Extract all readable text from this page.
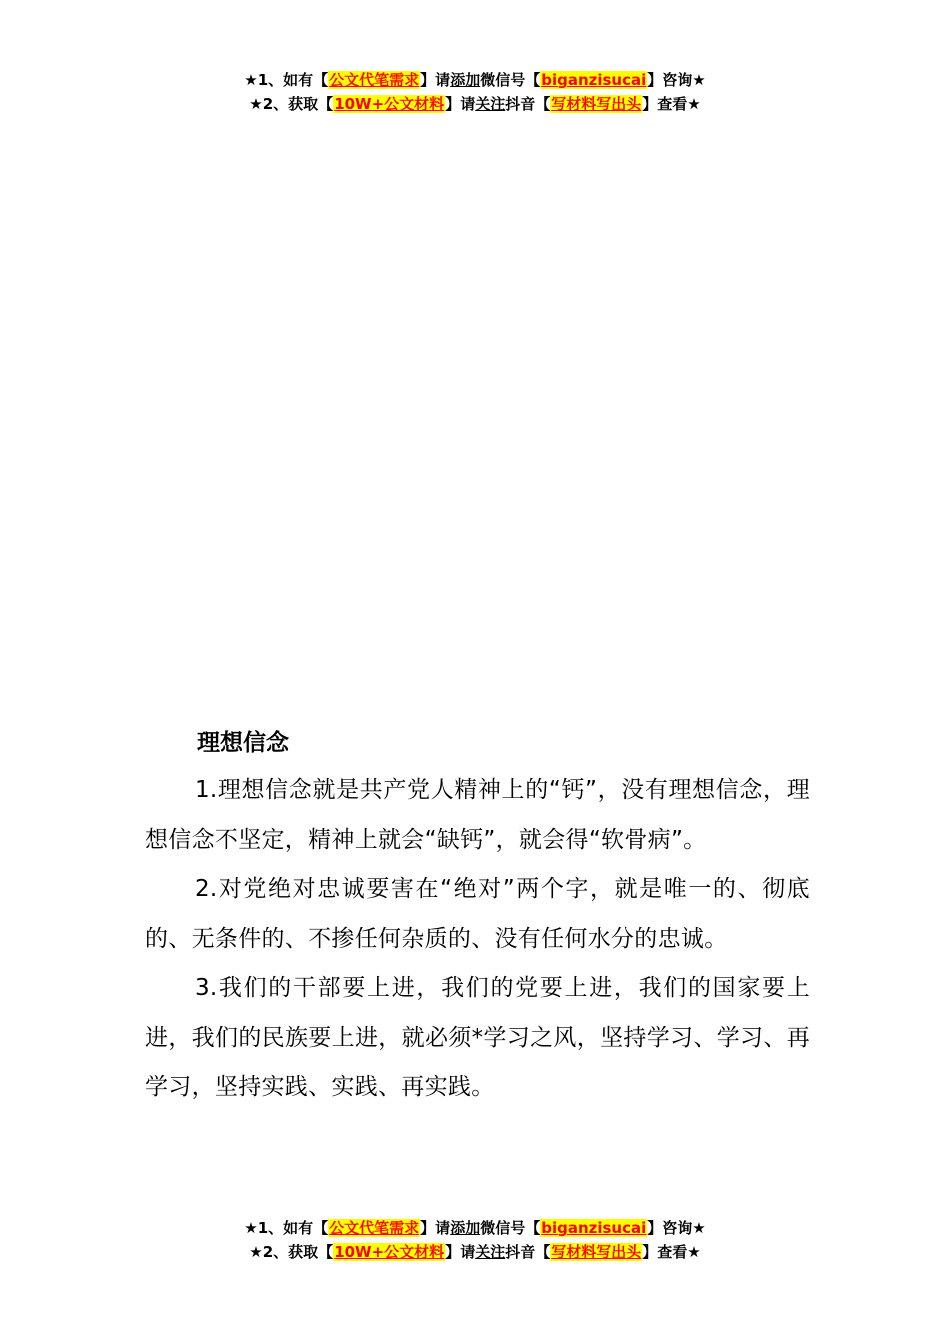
★1、如有【公文代笔需求】请添加微信号【biganzisucai】咨询★
★2、获取【10W+公文材料】请关注抖音【写材料写出头】查看★

理想信念

1.理想信念就是共产党人精神上的“钙”，没有理想信念，理想信念不坚定，精神上就会“缺钙”，就会得“软骨病”。

2.对党绝对忠诚要害在“绝对”两个字，就是唯一的、彻底的、无条件的、不掺任何杂质的、没有任何水分的忠诚。

3.我们的干部要上进，我们的党要上进，我们的国家要上进，我们的民族要上进，就必须*学习之风，坚持学习、学习、再学习，坚持实践、实践、再实践。

★1、如有【公文代笔需求】请添加微信号【biganzisucai】咨询★
★2、获取【10W+公文材料】请关注抖音【写材料写出头】查看★
